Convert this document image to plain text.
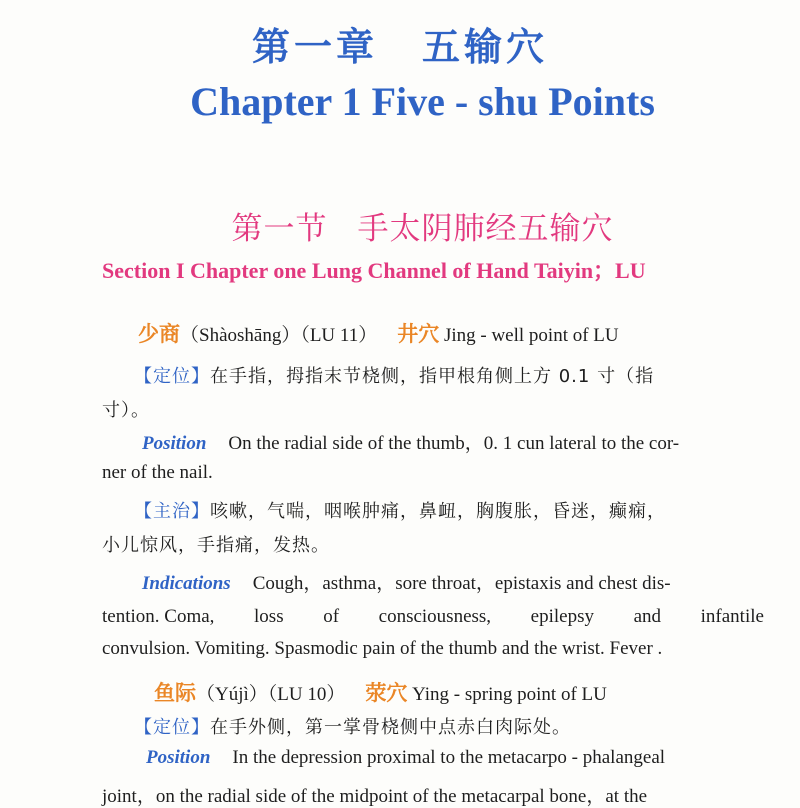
第一章 五输穴
Chapter 1 Five - shu Points
第一节 手太阴肺经五输穴
Section I Chapter one Lung Channel of Hand Taiyin；LU
少商（Shàoshāng）（LU 11） 井穴 Jing - well point of LU
【定位】在手指，拇指末节桡侧，指甲根角侧上方 0.1 寸（指
寸）。
Position On the radial side of the thumb，0. 1 cun lateral to the cor-
ner of the nail.
【主治】咳嗽，气喘，咽喉肿痛，鼻衄，胸腹胀，昏迷，癫痫，
小儿惊风，手指痛，发热。
Indications Cough，asthma，sore throat，epistaxis and chest dis-
tention. Coma, loss of consciousness, epilepsy and infantile
convulsion. Vomiting. Spasmodic pain of the thumb and the wrist. Fever .
鱼际（Yújì）（LU 10） 荥穴 Ying - spring point of LU
【定位】在手外侧，第一掌骨桡侧中点赤白肉际处。
Position In the depression proximal to the metacarpo - phalangeal
joint，on the radial side of the midpoint of the metacarpal bone，at the
